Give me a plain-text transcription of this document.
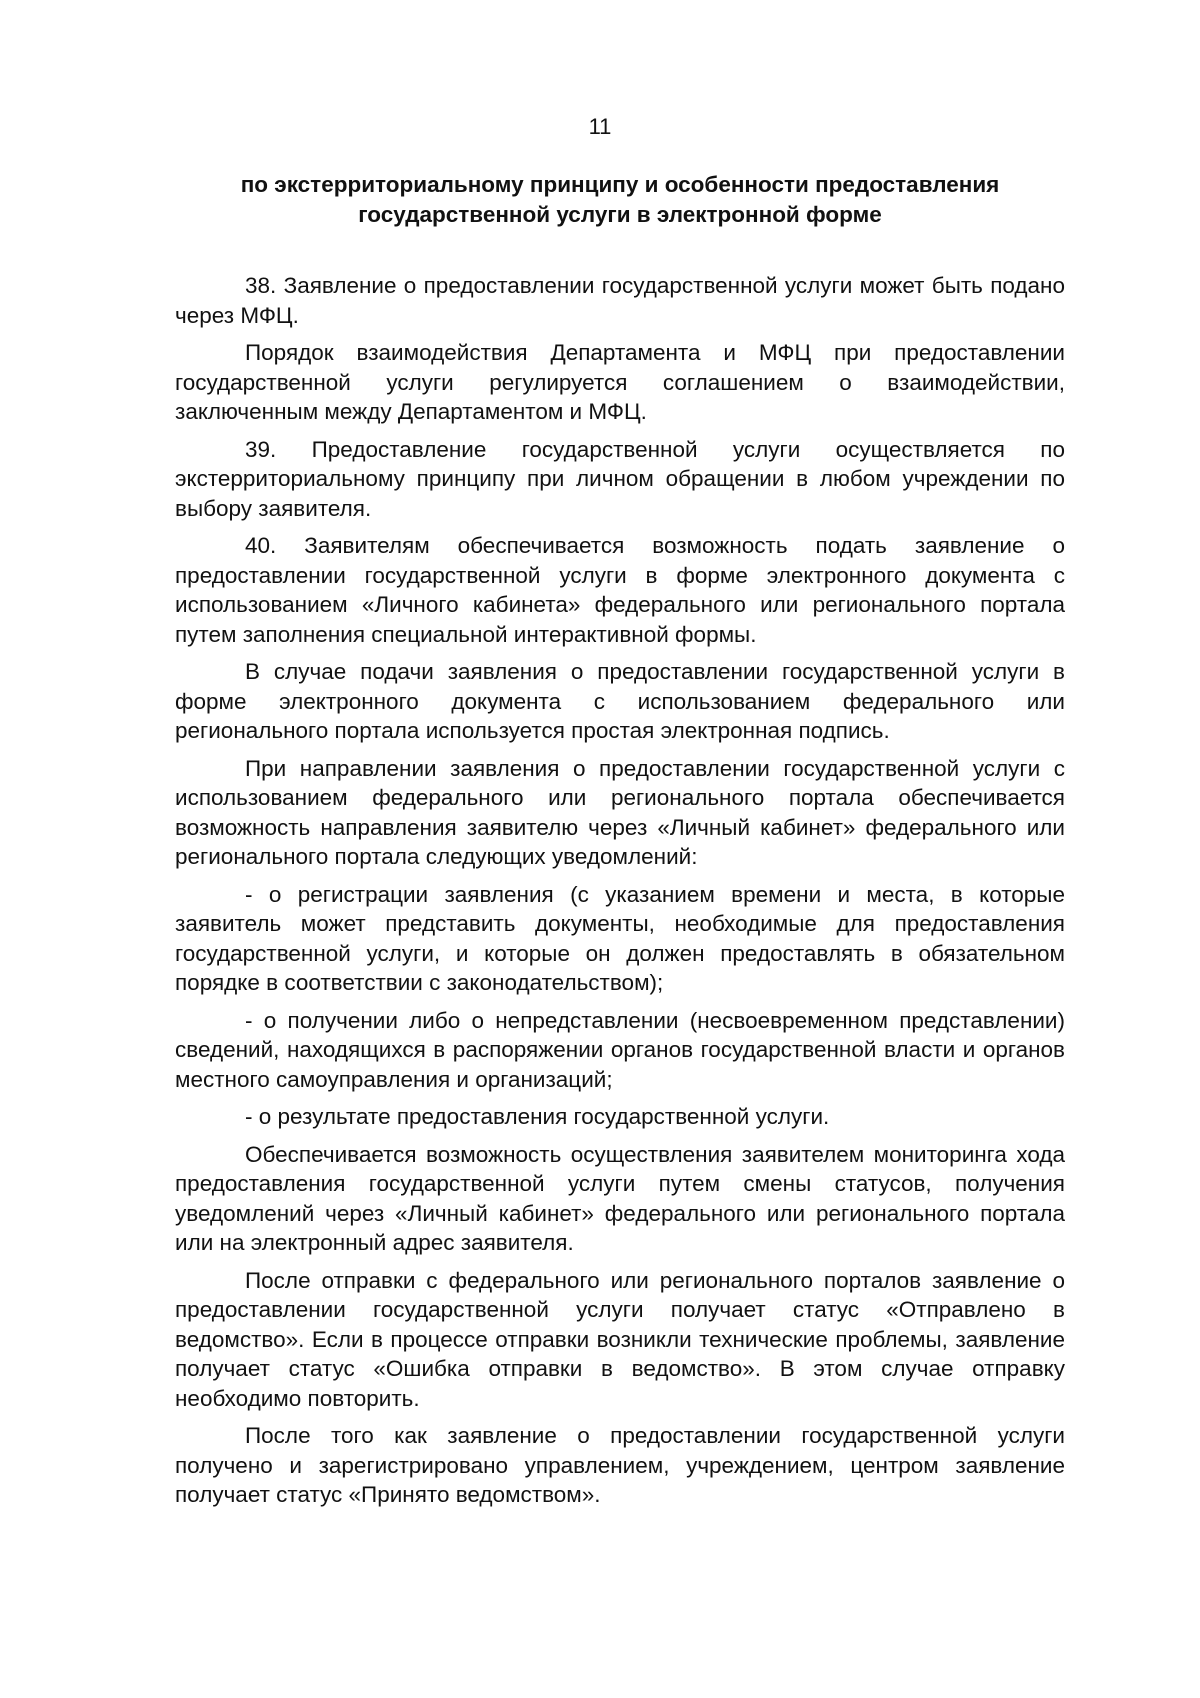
11
по экстерриториальному принципу и особенности предоставления
государственной услуги в электронной форме

38. Заявление о предоставлении государственной услуги может быть подано через МФЦ.

Порядок взаимодействия Департамента и МФЦ при предоставлении государственной услуги регулируется соглашением о взаимодействии, заключенным между Департаментом и МФЦ.

39. Предоставление государственной услуги осуществляется по экстерриториальному принципу при личном обращении в любом учреждении по выбору заявителя.

40. Заявителям обеспечивается возможность подать заявление о предоставлении государственной услуги в форме электронного документа с использованием «Личного кабинета» федерального или регионального портала путем заполнения специальной интерактивной формы.

В случае подачи заявления о предоставлении государственной услуги в форме электронного документа с использованием федерального или регионального портала используется простая электронная подпись.

При направлении заявления о предоставлении государственной услуги с использованием федерального или регионального портала обеспечивается возможность направления заявителю через «Личный кабинет» федерального или регионального портала следующих уведомлений:

- о регистрации заявления (с указанием времени и места, в которые заявитель может представить документы, необходимые для предоставления государственной услуги, и которые он должен предоставлять в обязательном порядке в соответствии с законодательством);

- о получении либо о непредставлении (несвоевременном представлении) сведений, находящихся в распоряжении органов государственной власти и органов местного самоуправления и организаций;

- о результате предоставления государственной услуги.

Обеспечивается возможность осуществления заявителем мониторинга хода предоставления государственной услуги путем смены статусов, получения уведомлений через «Личный кабинет» федерального или регионального портала или на электронный адрес заявителя.

После отправки с федерального или регионального порталов заявление о предоставлении государственной услуги получает статус «Отправлено в ведомство». Если в процессе отправки возникли технические проблемы, заявление получает статус «Ошибка отправки в ведомство». В этом случае отправку необходимо повторить.

После того как заявление о предоставлении государственной услуги получено и зарегистрировано управлением, учреждением, центром заявление получает статус «Принято ведомством».
